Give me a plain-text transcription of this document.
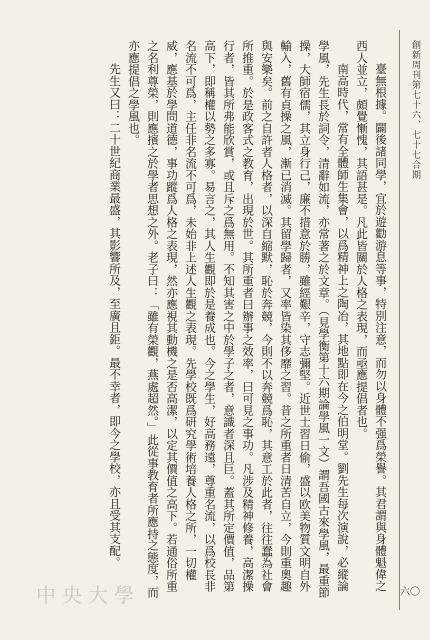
創新周刊第七十六、七十七合期

臺無根據。闢後諸同學，宜於遊勸游息等事，特別注意，而勿以身體不强爲榮譽。其君謂與身體魁偉之西人並立，頗覺慚愧，其語甚是。凡此皆關於人格之表現，而亟應提倡者也。

南高時代，常有全體師生集會，以爲精神上之陶冶，其地點即在今之伯明堂。劉先生每次演說，必縱論學風，先生長於詞令，清辭如流，亦常著之於文章。（見學衡第十六期論學風一文）謂吾國古來學風，最重節操，大師宿儒，其立身行己，廉不措意於勝，雖經艱辛，守志彌堅。近世士習日偷，盛以欧美物質文明自外輸入，舊有貞操之風，漸已消滅。其留學歸者，又率皆染其侈靡之習。昔之所重者日清苦自立，今則重奧趣與安樂矣。前之自許者人格者，以深自縮默，恥於奔競，今則不以奔競爲恥，其意工於此者，往往蠢為社會所推重。於是政客式之教育，出現於世。其所重者曰辦事之效率，曰可見之事功。凡涉及精神修養，高潔操行者，皆其所弗能欣賞，或且斥之爲無用。不知其害之中於學子之者，意識者深且巨。蓋其所定價值，品第高下，即稱權以勢之多寡。易言之，其人生觀即於是養成也。今之學生，好高務遠，尊重名流，以爲校長非名流不可爲，主任非名流不可爲，未始非上述人生觀之表現。先學校既爲研究學術培養人格之所，一切權威，應基於學問道德，事功蹤爲人格之表現，然亦應視其動機之是否高潔，以定其價值之高下。若通俗所重之名利尊榮，則應擯之於學者思想之外。老子曰：「雖有榮觀，燕處超然。」此從事教育者所應持之態度，而亦應提倡之學風也。

先生又曰：二十世紀商業最盛，其影響所及，至廣且鉅。最不幸者，即今之學校，亦且受其支配。

六〇
中央大學
